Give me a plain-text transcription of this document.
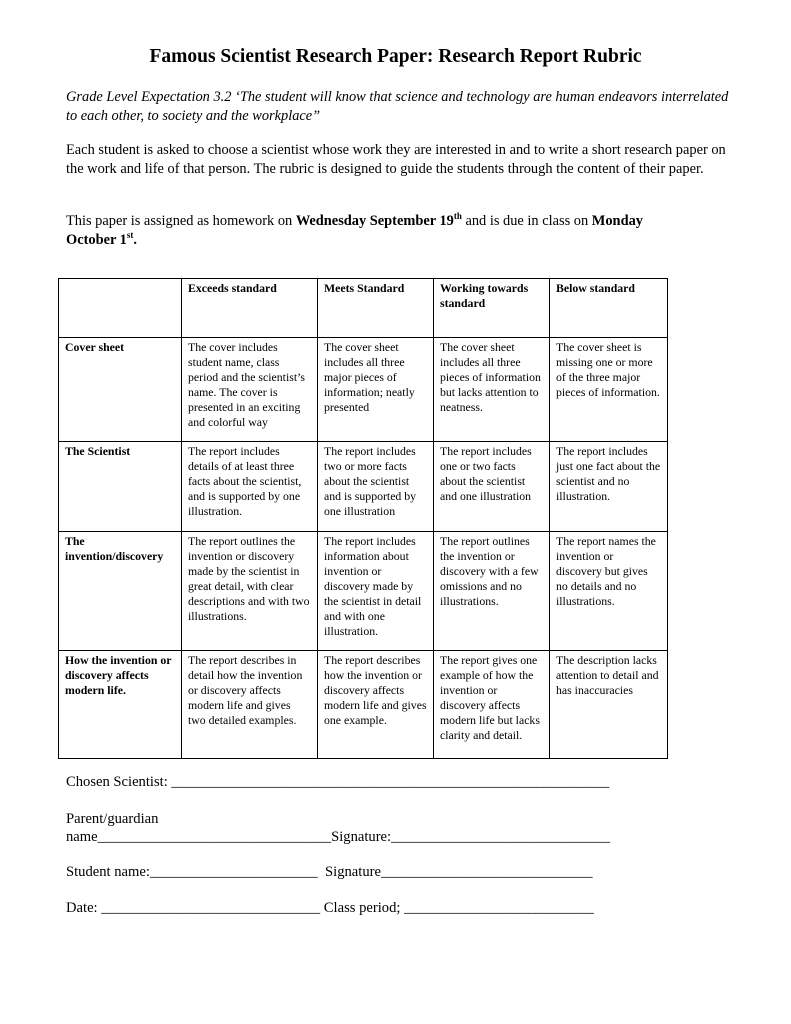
Famous Scientist Research Paper: Research Report Rubric
Grade Level Expectation 3.2 ‘The student will know that science and technology are human endeavors interrelated to each other, to society and the workplace”
Each student is asked to choose a scientist whose work they are interested in and to write a short research paper on the work and life of that person. The rubric is designed to guide the students through the content of their paper.
This paper is assigned as homework on Wednesday September 19th and is due in class on Monday
October 1st.
	Exceeds standard	Meets Standard	Working towards standard	Below standard
Cover sheet	The cover includes student name, class period and the scientist’s name. The cover is presented in an exciting and colorful way	The cover sheet includes all three major pieces of information; neatly presented	The cover sheet includes all three pieces of information but lacks attention to neatness.	The cover sheet is missing one or more of the three major pieces of information.
The Scientist	The report includes details of at least three facts about the scientist, and is supported by one illustration.	The report includes two or more facts about the scientist and is supported by one illustration	The report includes one or two facts about the scientist and one illustration	The report includes just one fact about the scientist and no illustration.
The invention/discovery	The report outlines the invention or discovery made by the scientist in great detail, with clear descriptions and with two illustrations.	The report includes information about invention or discovery made by the scientist in detail and with one illustration.	The report outlines the invention or discovery with a few omissions and no illustrations.	The report names the invention or discovery but gives no details and no illustrations.
How the invention or discovery affects modern life.	The report describes in detail how the invention or discovery affects modern life and gives two detailed examples.	The report describes how the invention or discovery affects modern life and gives one example.	The report gives one example of how the invention or discovery affects modern life but lacks clarity and detail.	The description lacks attention to detail and has inaccuracies
Chosen Scientist: ____________________________________________________________
Parent/guardian
name________________________________Signature:______________________________
Student name:_______________________  Signature_____________________________
Date: ______________________________ Class period; __________________________
